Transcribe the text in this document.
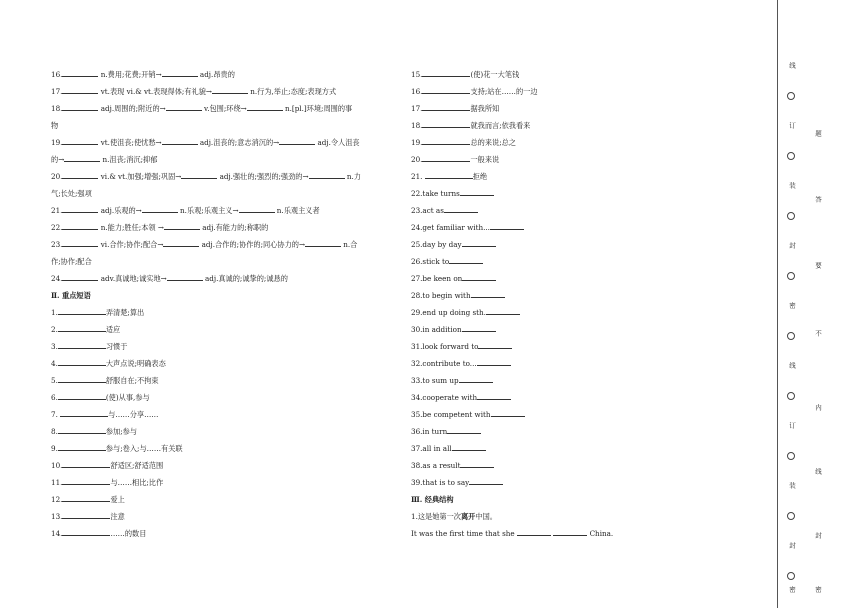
16.	n.费用;花费;开销→	adj.昂贵的
17.	vt.表现 vi.& vt.表现得体;有礼貌→	n.行为,举止;态度;表现方式
18.	adj.周围的;附近的→	v.包围;环绕→	n.[pl.]环境;周围的事
物
19.	vt.使沮丧;使忧愁→	adj.沮丧的;意志消沉的→	adj.令人沮丧
的→	n.沮丧;消沉;抑郁
20.	vi.& vt.加强;增强;巩固→	adj.强壮的;强烈的;强劲的→	n.力
气;长处;强项
21.	adj.乐观的→	n.乐观;乐观主义→	n.乐观主义者
22.	n.能力;胜任;本领 →	adj.有能力的;称职的
23.	vi.合作;协作;配合→	adj.合作的;协作的;同心协力的→	n.合
作;协作;配合
24.	adv.真诚地;诚实地→	adj.真诚的;诚挚的;诚恳的
Ⅱ. 重点短语
1.	弄清楚;算出
2.	适应
3.	习惯于
4.	大声点说;明确表态
5.	舒服自在;不拘束
6.	(使)从事,参与
7.	与……分享……
8.	参加;参与
9.	参与;卷入;与……有关联
10.	舒适区;舒适范围
11.	与……相比;比作
12.	爱上
13.	注意
14.	……的数目
15.	(使)花一大笔钱
16.	支持;站在……的一边
17.	据我所知
18.	就我而言;依我看来
19.	总的来说;总之
20.	一般来说
21.	拒绝
22.take turns
23.act as
24.get familiar with...
25.day by day
26.stick to
27.be keen on
28.to begin with
29.end up doing sth.
30.in addition
31.look forward to
32.contribute to...
33.to sum up
34.cooperate with
35.be competent with
36.in turn
37.all in all
38.as a result
39.that is to say
Ⅲ. 经典结构
1.这是她第一次离开中国。
It was the first time that she	China.
线
订
装
封
密
线
订
装
封
密
题
答
要
不
内
线
封
密
